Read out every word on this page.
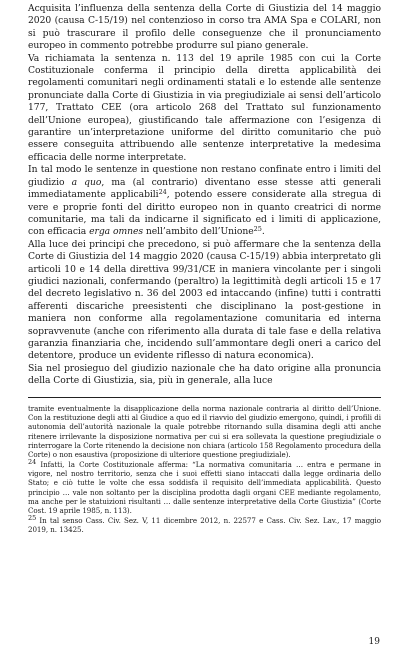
Acquisita l’influenza della sentenza della Corte di Giustizia del 14 maggio 2020 (causa C-15/19) nel contenzioso in corso tra AMA Spa e COLARI, non si può trascurare il profilo delle conseguenze che il pronunciamento europeo in commento potrebbe produrre sul piano generale.

Va richiamata la sentenza n. 113 del 19 aprile 1985 con cui la Corte Costituzionale conferma il principio della diretta applicabilità dei regolamenti comunitari negli ordinamenti statali e lo estende alle sentenze pronunciate dalla Corte di Giustizia in via pregiudiziale ai sensi dell’articolo 177, Trattato CEE (ora articolo 268 del Trattato sul funzionamento dell’Unione europea), giustificando tale affermazione con l’esigenza di garantire un’interpretazione uniforme del diritto comunitario che può essere conseguita attribuendo alle sentenze interpretative la medesima efficacia delle norme interpretate.

In tal modo le sentenze in questione non restano confinate entro i limiti del giudizio a quo, ma (al contrario) diventano esse stesse atti generali immediatamente applicabili$^{24}$, potendo essere considerate alla stregua di vere e proprie fonti del diritto europeo non in quanto creatrici di norme comunitarie, ma tali da indicarne il significato ed i limiti di applicazione, con efficacia erga omnes nell’ambito dell’Unione$^{25}$.

Alla luce dei principi che precedono, si può affermare che la sentenza della Corte di Giustizia del 14 maggio 2020 (causa C-15/19) abbia interpretato gli articoli 10 e 14 della direttiva 99/31/CE in maniera vincolante per i singoli giudici nazionali, confermando (peraltro) la legittimità degli articoli 15 e 17 del decreto legislativo n. 36 del 2003 ed intaccando (infine) tutti i contratti afferenti discariche preesistenti che disciplinano la post-gestione in maniera non conforme alla regolamentazione comunitaria ed interna sopravvenute (anche con riferimento alla durata di tale fase e della relativa garanzia finanziaria che, incidendo sull’ammontare degli oneri a carico del detentore, produce un evidente riflesso di natura economica).

Sia nel prosieguo del giudizio nazionale che ha dato origine alla pronuncia della Corte di Giustizia, sia, più in generale, alla luce

tramite eventualmente la disapplicazione della norma nazionale contraria al diritto dell’Unione. Con la restituzione degli atti al Giudice a quo ed il riavvio del giudizio emergono, quindi, i profili di autonomia dell’autorità nazionale la quale potrebbe ritornando sulla disamina degli atti anche ritenere irrilevante la disposizione normativa per cui si era sollevata la questione pregiudiziale o rinterrogare la Corte ritenendo la decisione non chiara (articolo 158 Regolamento procedura della Corte) o non esaustiva (proposizione di ulteriore questione pregiudiziale).

$^{24}$ Infatti, la Corte Costituzionale afferma: “La normativa comunitaria … entra e permane in vigore, nel nostro territorio, senza che i suoi effetti siano intaccati dalla legge ordinaria dello Stato; e ciò tutte le volte che essa soddisfa il requisito dell’immediata applicabilità. Questo principio … vale non soltanto per la disciplina prodotta dagli organi CEE mediante regolamento, ma anche per le statuizioni risultanti … dalle sentenze interpretative della Corte Giustizia” (Corte Cost. 19 aprile 1985, n. 113).

$^{25}$ In tal senso Cass. Civ. Sez. V, 11 dicembre 2012, n. 22577 e Cass. Civ. Sez. Lav., 17 maggio 2019, n. 13425.

19
